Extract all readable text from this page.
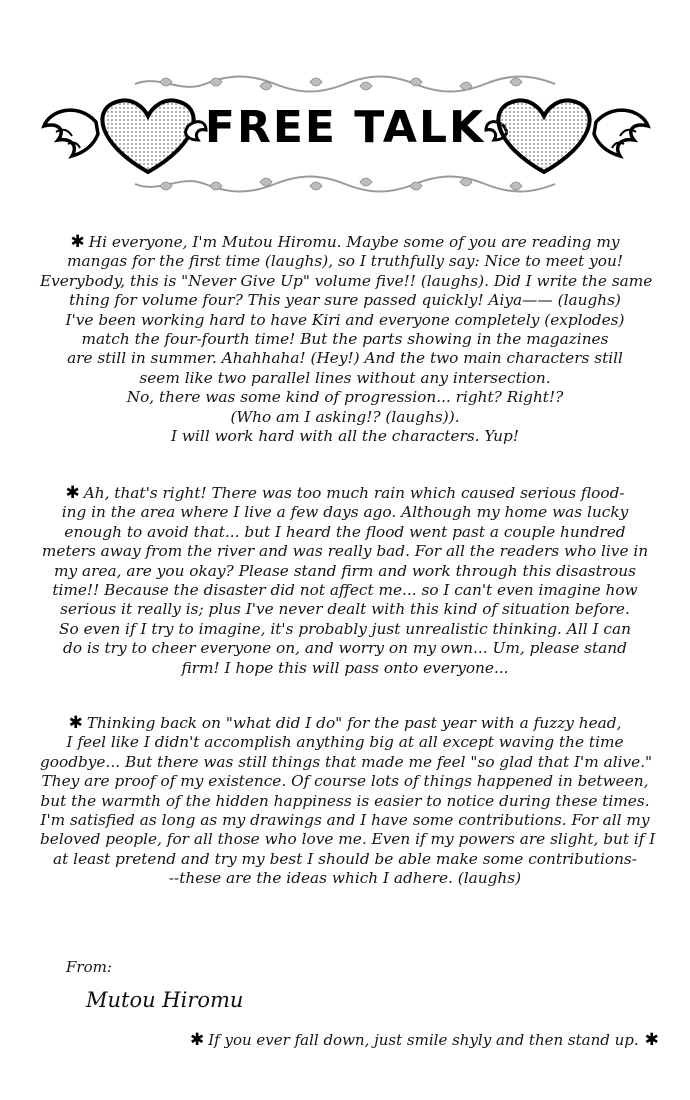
FREE TALK

✱ Hi everyone, I'm Mutou Hiromu. Maybe some of you are reading my
mangas for the first time (laughs), so I truthfully say: Nice to meet you!
Everybody, this is "Never Give Up" volume five!! (laughs). Did I write the same
thing for volume four? This year sure passed quickly! Aiya—— (laughs)
I've been working hard to have Kiri and everyone completely (explodes)
match the four-fourth time! But the parts showing in the magazines
are still in summer. Ahahhaha! (Hey!) And the two main characters still
seem like two parallel lines without any intersection.
No, there was some kind of progression... right? Right!?
(Who am I asking!? (laughs)).
I will work hard with all the characters. Yup!

✱ Ah, that's right! There was too much rain which caused serious flood-
ing in the area where I live a few days ago. Although my home was lucky
enough to avoid that... but I heard the flood went past a couple hundred
meters away from the river and was really bad. For all the readers who live in
my area, are you okay? Please stand firm and work through this disastrous
time!! Because the disaster did not affect me... so I can't even imagine how
serious it really is; plus I've never dealt with this kind of situation before.
So even if I try to imagine, it's probably just unrealistic thinking. All I can
do is try to cheer everyone on, and worry on my own... Um, please stand
firm! I hope this will pass onto everyone...

✱ Thinking back on "what did I do" for the past year with a fuzzy head,
I feel like I didn't accomplish anything big at all except waving the time
goodbye... But there was still things that made me feel "so glad that I'm alive."
They are proof of my existence. Of course lots of things happened in between,
but the warmth of the hidden happiness is easier to notice during these times.
I'm satisfied as long as my drawings and I have some contributions. For all my
beloved people, for all those who love me. Even if my powers are slight, but if I
at least pretend and try my best I should be able make some contributions-
--these are the ideas which I adhere. (laughs)

From:
Mutou Hiromu
✱ If you ever fall down, just smile shyly and then stand up. ✱
